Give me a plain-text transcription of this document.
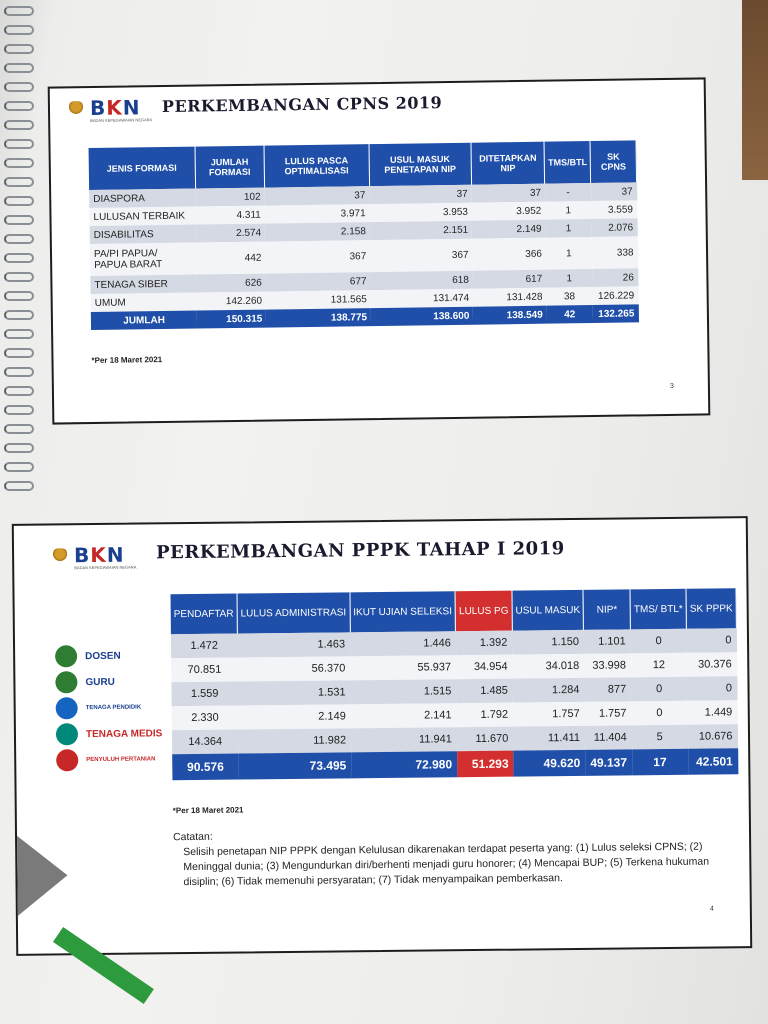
BKN
BADAN KEPEGAWAIAN NEGARA
PERKEMBANGAN CPNS 2019
JENIS FORMASI	JUMLAH FORMASI	LULUS PASCA OPTIMALISASI	USUL MASUK PENETAPAN NIP	DITETAPKAN NIP	TMS/BTL	SK CPNS
DIASPORA	102	37	37	37	-	37
LULUSAN TERBAIK	4.311	3.971	3.953	3.952	1	3.559
DISABILITAS	2.574	2.158	2.151	2.149	1	2.076
PA/PI PAPUA/ PAPUA BARAT	442	367	367	366	1	338
TENAGA SIBER	626	677	618	617	1	26
UMUM	142.260	131.565	131.474	131.428	38	126.229
JUMLAH	150.315	138.775	138.600	138.549	42	132.265
*Per 18 Maret 2021
3
BKN
BADAN KEPEGAWAIAN NEGARA
PERKEMBANGAN PPPK TAHAP I 2019
DOSEN
GURU
TENAGA PENDIDIK
TENAGA MEDIS
PENYULUH PERTANIAN
PENDAFTAR	LULUS ADMINISTRASI	IKUT UJIAN SELEKSI	LULUS PG	USUL MASUK	NIP*	TMS/ BTL*	SK PPPK
1.472	1.463	1.446	1.392	1.150	1.101	0	0
70.851	56.370	55.937	34.954	34.018	33.998	12	30.376
1.559	1.531	1.515	1.485	1.284	877	0	0
2.330	2.149	2.141	1.792	1.757	1.757	0	1.449
14.364	11.982	11.941	11.670	11.411	11.404	5	10.676
90.576	73.495	72.980	51.293	49.620	49.137	17	42.501
*Per 18 Maret 2021
Catatan:
Selisih penetapan NIP PPPK dengan Kelulusan dikarenakan terdapat peserta yang: (1) Lulus seleksi CPNS; (2) Meninggal dunia; (3) Mengundurkan diri/berhenti menjadi guru honorer; (4) Mencapai BUP; (5) Terkena hukuman disiplin; (6) Tidak memenuhi persyaratan; (7) Tidak menyampaikan pemberkasan.
4
